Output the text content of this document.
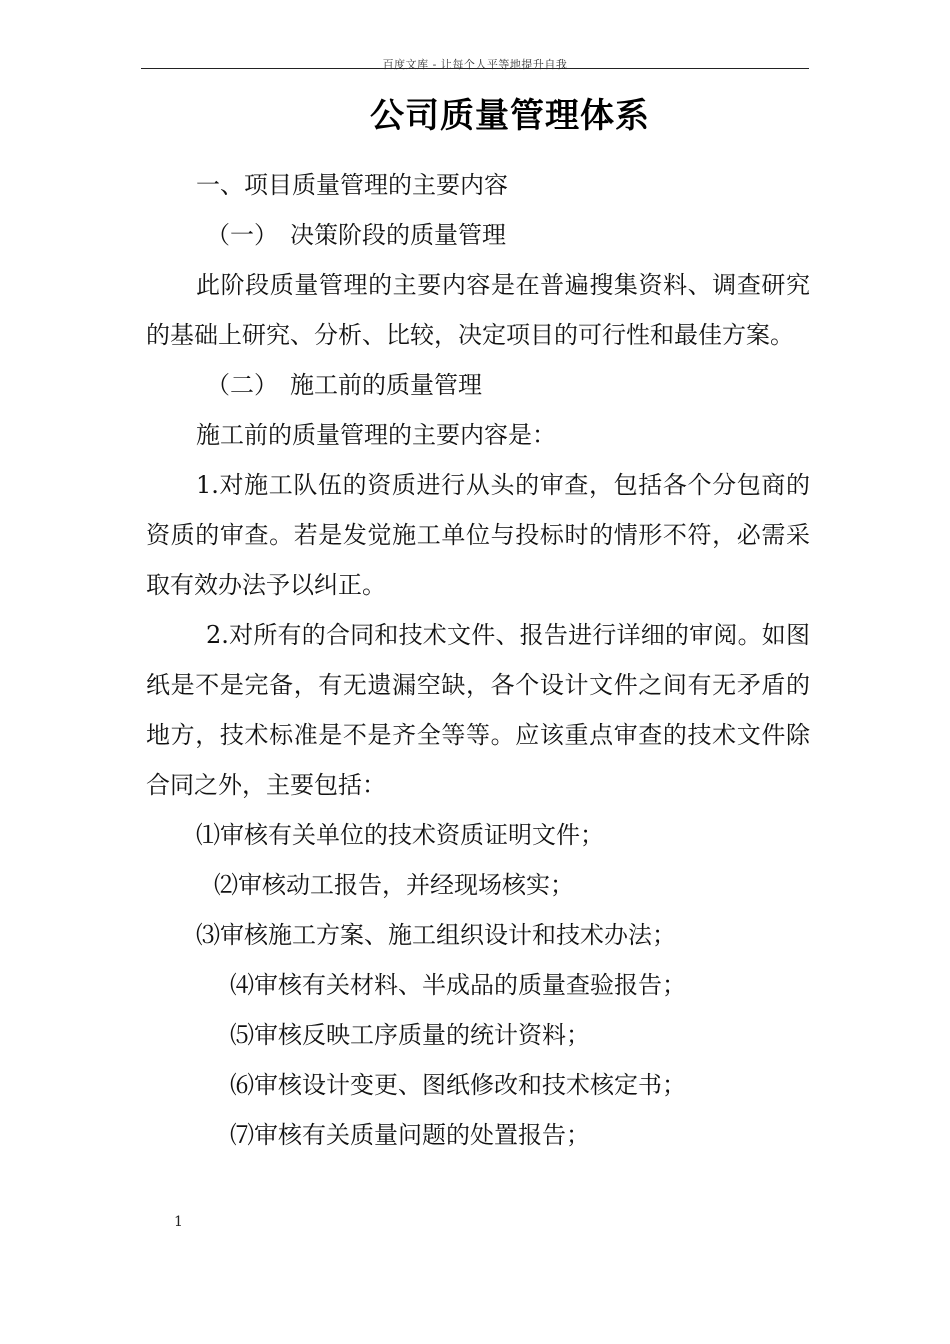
百度文库 - 让每个人平等地提升自我
公司质量管理体系

一、项目质量管理的主要内容

（一）　决策阶段的质量管理

此阶段质量管理的主要内容是在普遍搜集资料、调查研究的基础上研究、分析、比较，决定项目的可行性和最佳方案。

（二）　施工前的质量管理

施工前的质量管理的主要内容是：

1.对施工队伍的资质进行从头的审查，包括各个分包商的资质的审查。若是发觉施工单位与投标时的情形不符，必需采取有效办法予以纠正。

2.对所有的合同和技术文件、报告进行详细的审阅。如图纸是不是完备，有无遗漏空缺，各个设计文件之间有无矛盾的地方，技术标准是不是齐全等等。应该重点审查的技术文件除合同之外，主要包括：

⑴审核有关单位的技术资质证明文件；

⑵审核动工报告，并经现场核实；

⑶审核施工方案、施工组织设计和技术办法；

⑷审核有关材料、半成品的质量查验报告；

⑸审核反映工序质量的统计资料；

⑹审核设计变更、图纸修改和技术核定书；

⑺审核有关质量问题的处置报告；

1
